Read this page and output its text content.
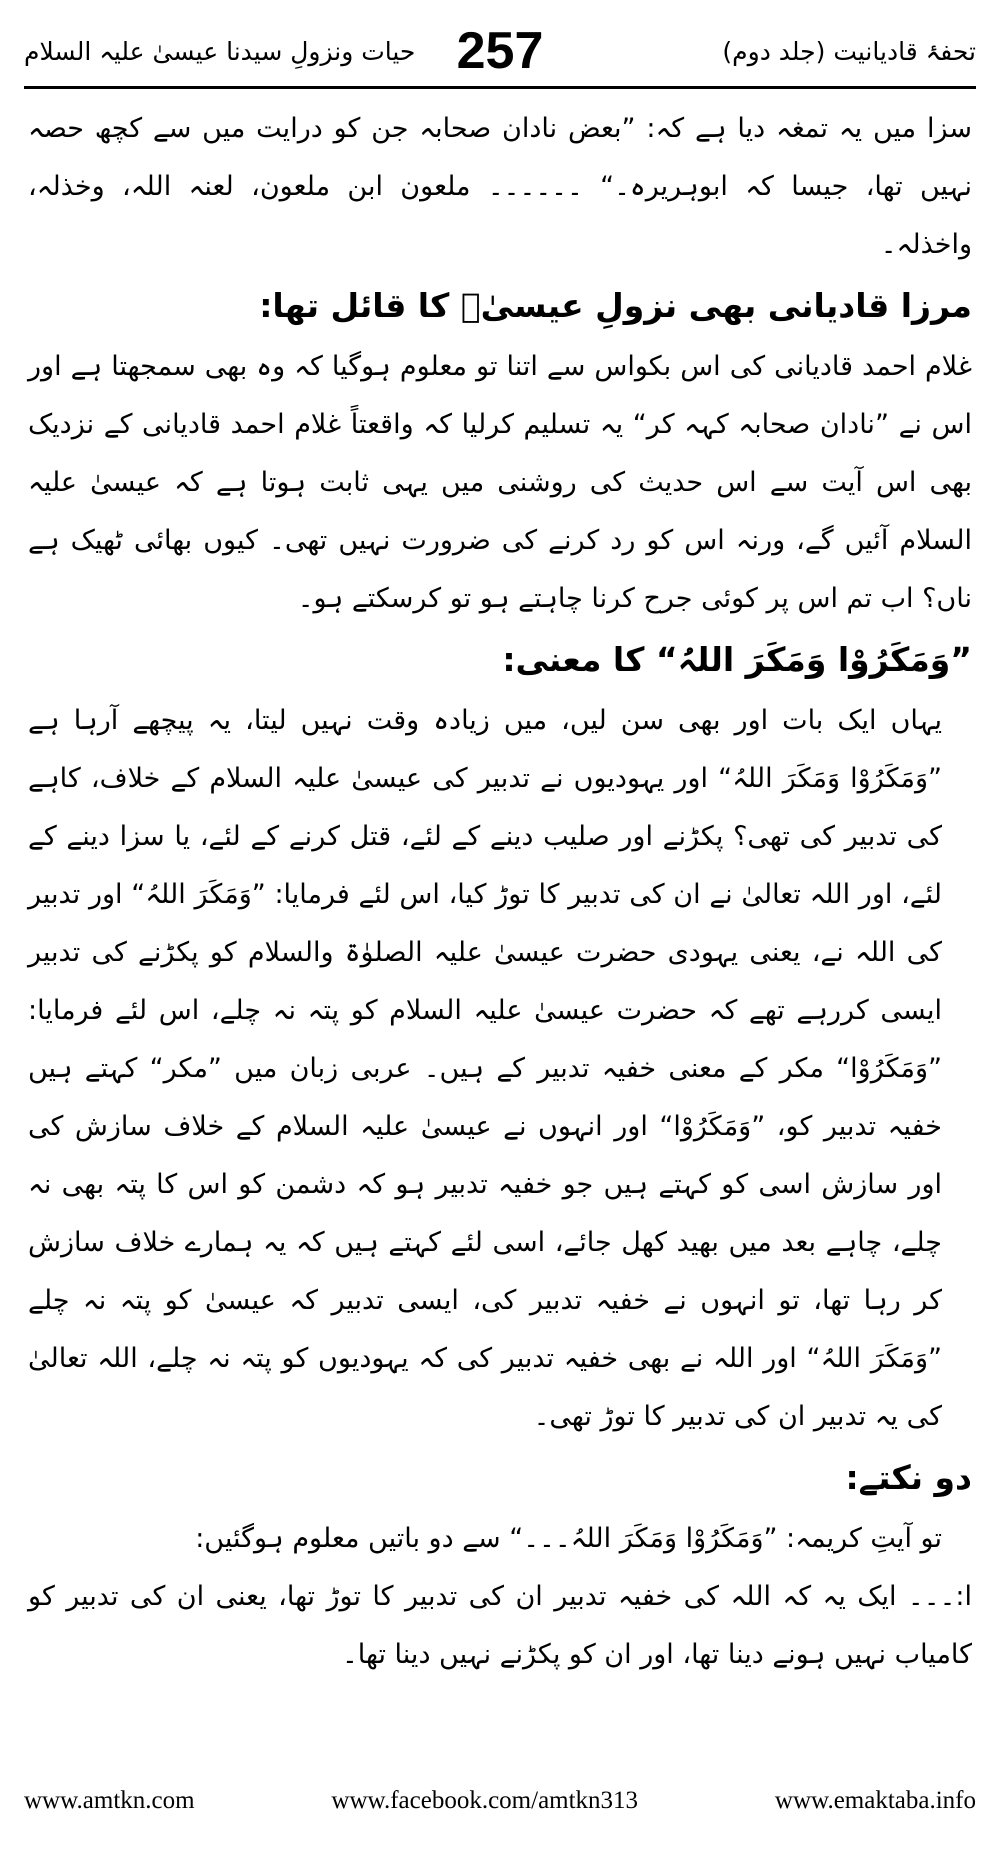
تحفۂ قادیانیت (جلد دوم)
257
حیات ونزولِ سیدنا عیسیٰ علیہ السلام

سزا میں یہ تمغہ دیا ہے کہ: ”بعض نادان صحابہ جن کو درایت میں سے کچھ حصہ نہیں تھا، جیسا کہ ابوہریرہ۔“ ۔۔۔۔۔۔ ملعون ابن ملعون، لعنہ اللہ، وخذلہ، واخذلہ۔

مرزا قادیانی بھی نزولِ عیسیٰؑ کا قائل تھا:

غلام احمد قادیانی کی اس بکواس سے اتنا تو معلوم ہوگیا کہ وہ بھی سمجھتا ہے اور اس نے ”نادان صحابہ کہہ کر“ یہ تسلیم کرلیا کہ واقعتاً غلام احمد قادیانی کے نزدیک بھی اس آیت سے اس حدیث کی روشنی میں یہی ثابت ہوتا ہے کہ عیسیٰ علیہ السلام آئیں گے، ورنہ اس کو رد کرنے کی ضرورت نہیں تھی۔ کیوں بھائی ٹھیک ہے ناں؟ اب تم اس پر کوئی جرح کرنا چاہتے ہو تو کرسکتے ہو۔

”وَمَکَرُوْا وَمَکَرَ اللہُ“ کا معنی:

یہاں ایک بات اور بھی سن لیں، میں زیادہ وقت نہیں لیتا، یہ پیچھے آرہا ہے ”وَمَکَرُوْا وَمَکَرَ اللہُ“ اور یہودیوں نے تدبیر کی عیسیٰ علیہ السلام کے خلاف، کاہے کی تدبیر کی تھی؟ پکڑنے اور صلیب دینے کے لئے، قتل کرنے کے لئے، یا سزا دینے کے لئے، اور اللہ تعالیٰ نے ان کی تدبیر کا توڑ کیا، اس لئے فرمایا: ”وَمَکَرَ اللہُ“ اور تدبیر کی اللہ نے، یعنی یہودی حضرت عیسیٰ علیہ الصلوٰۃ والسلام کو پکڑنے کی تدبیر ایسی کررہے تھے کہ حضرت عیسیٰ علیہ السلام کو پتہ نہ چلے، اس لئے فرمایا: ”وَمَکَرُوْا“ مکر کے معنی خفیہ تدبیر کے ہیں۔ عربی زبان میں ”مکر“ کہتے ہیں خفیہ تدبیر کو، ”وَمَکَرُوْا“ اور انہوں نے عیسیٰ علیہ السلام کے خلاف سازش کی اور سازش اسی کو کہتے ہیں جو خفیہ تدبیر ہو کہ دشمن کو اس کا پتہ بھی نہ چلے، چاہے بعد میں بھید کھل جائے، اسی لئے کہتے ہیں کہ یہ ہمارے خلاف سازش کر رہا تھا، تو انہوں نے خفیہ تدبیر کی، ایسی تدبیر کہ عیسیٰ کو پتہ نہ چلے ”وَمَکَرَ اللہُ“ اور اللہ نے بھی خفیہ تدبیر کی کہ یہودیوں کو پتہ نہ چلے، اللہ تعالیٰ کی یہ تدبیر ان کی تدبیر کا توڑ تھی۔

دو نکتے:

تو آیتِ کریمہ: ”وَمَکَرُوْا وَمَکَرَ اللہُ۔۔۔“ سے دو باتیں معلوم ہوگئیں:

ا:۔۔۔ ایک یہ کہ اللہ کی خفیہ تدبیر ان کی تدبیر کا توڑ تھا، یعنی ان کی تدبیر کو کامیاب نہیں ہونے دینا تھا، اور ان کو پکڑنے نہیں دینا تھا۔

www.amtkn.com	www.facebook.com/amtkn313	www.emaktaba.info
